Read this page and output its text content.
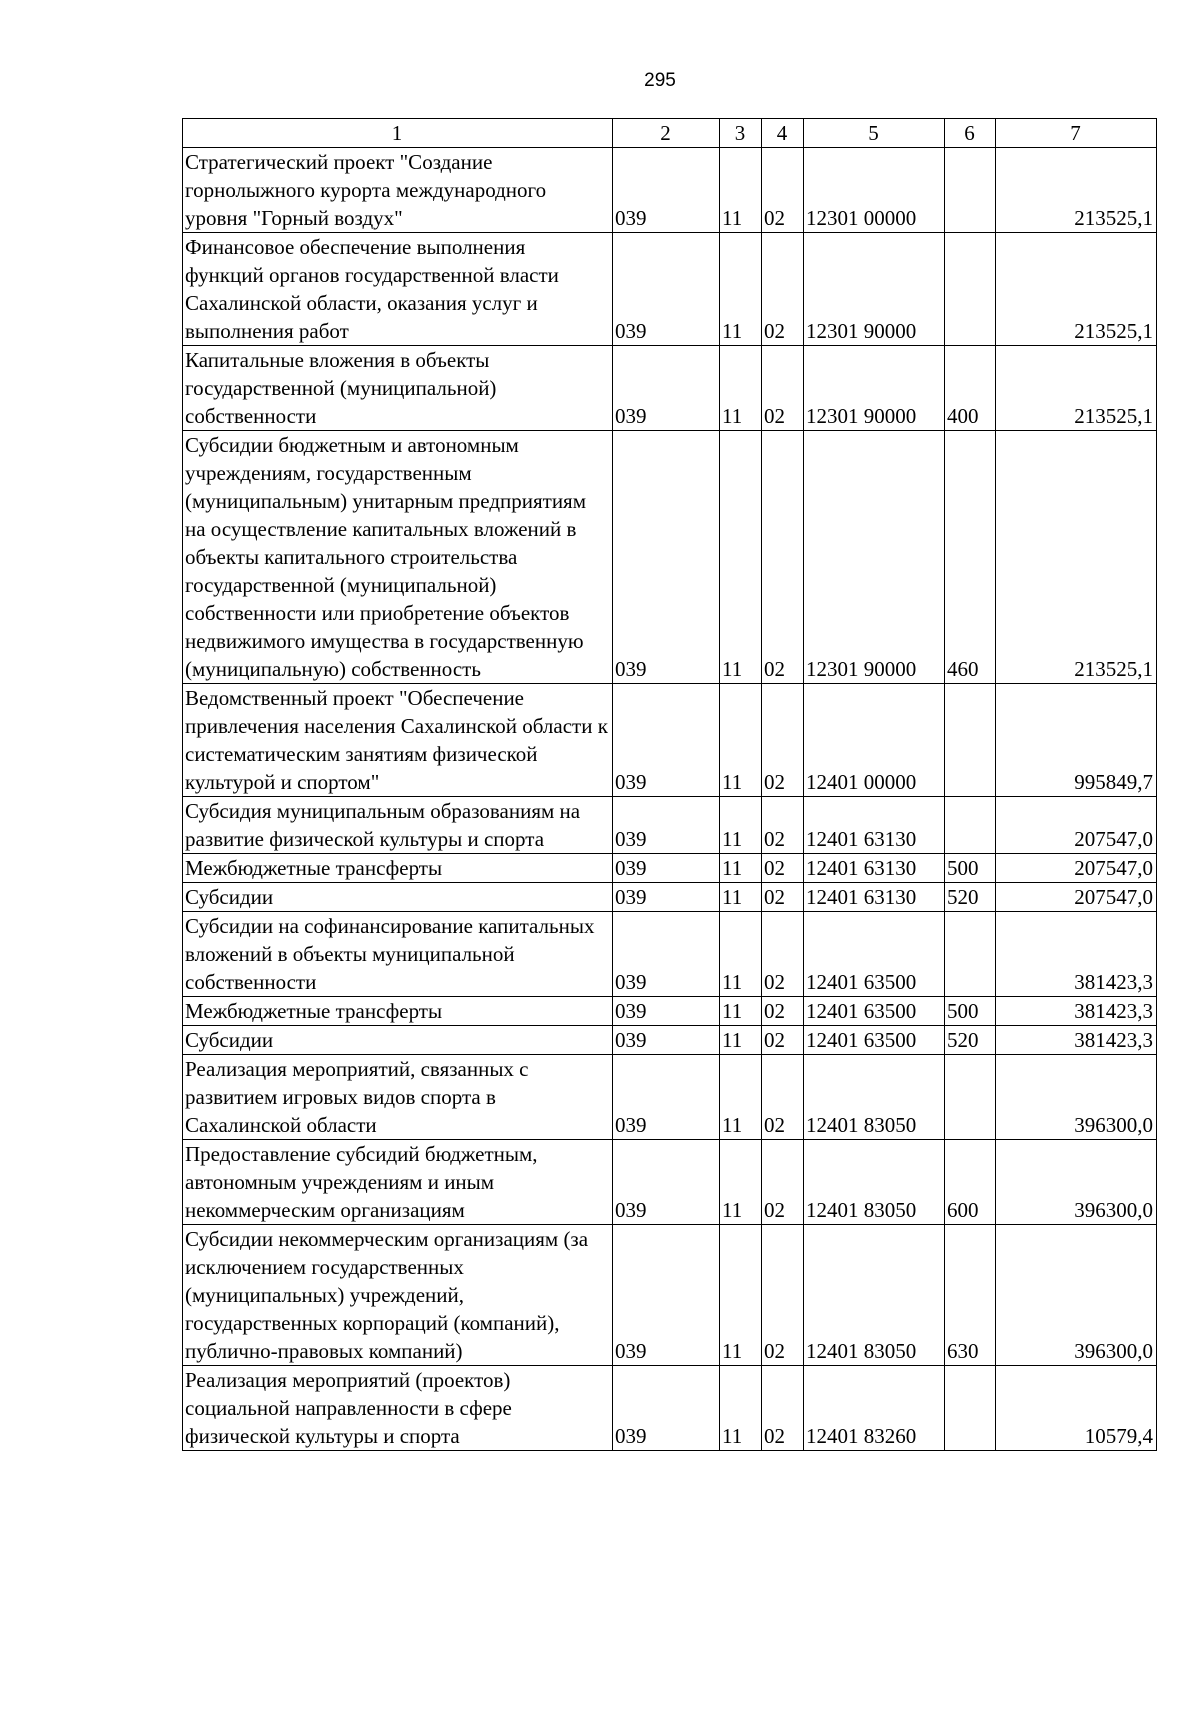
295
1	2	3	4	5	6	7
Стратегический проект "Создание горнолыжного курорта международного уровня "Горный воздух"	039	11	02	12301 00000		213525,1
Финансовое обеспечение выполнения функций органов государственной власти Сахалинской области, оказания услуг и выполнения работ	039	11	02	12301 90000		213525,1
Капитальные вложения в объекты государственной (муниципальной) собственности	039	11	02	12301 90000	400	213525,1
Субсидии бюджетным и автономным учреждениям, государственным (муниципальным) унитарным предприятиям на осуществление капитальных вложений в объекты капитального строительства государственной (муниципальной) собственности или приобретение объектов недвижимого имущества в государственную (муниципальную) собственность	039	11	02	12301 90000	460	213525,1
Ведомственный проект "Обеспечение привлечения населения Сахалинской области к систематическим занятиям физической культурой и спортом"	039	11	02	12401 00000		995849,7
Субсидия муниципальным образованиям на развитие физической культуры и спорта	039	11	02	12401 63130		207547,0
Межбюджетные трансферты	039	11	02	12401 63130	500	207547,0
Субсидии	039	11	02	12401 63130	520	207547,0
Субсидии на софинансирование капитальных вложений в объекты муниципальной собственности	039	11	02	12401 63500		381423,3
Межбюджетные трансферты	039	11	02	12401 63500	500	381423,3
Субсидии	039	11	02	12401 63500	520	381423,3
Реализация мероприятий, связанных с развитием игровых видов спорта в Сахалинской области	039	11	02	12401 83050		396300,0
Предоставление субсидий бюджетным, автономным учреждениям и иным некоммерческим организациям	039	11	02	12401 83050	600	396300,0
Субсидии некоммерческим организациям (за исключением государственных (муниципальных) учреждений, государственных корпораций (компаний), публично-правовых компаний)	039	11	02	12401 83050	630	396300,0
Реализация мероприятий (проектов) социальной направленности в сфере физической культуры и спорта	039	11	02	12401 83260		10579,4
